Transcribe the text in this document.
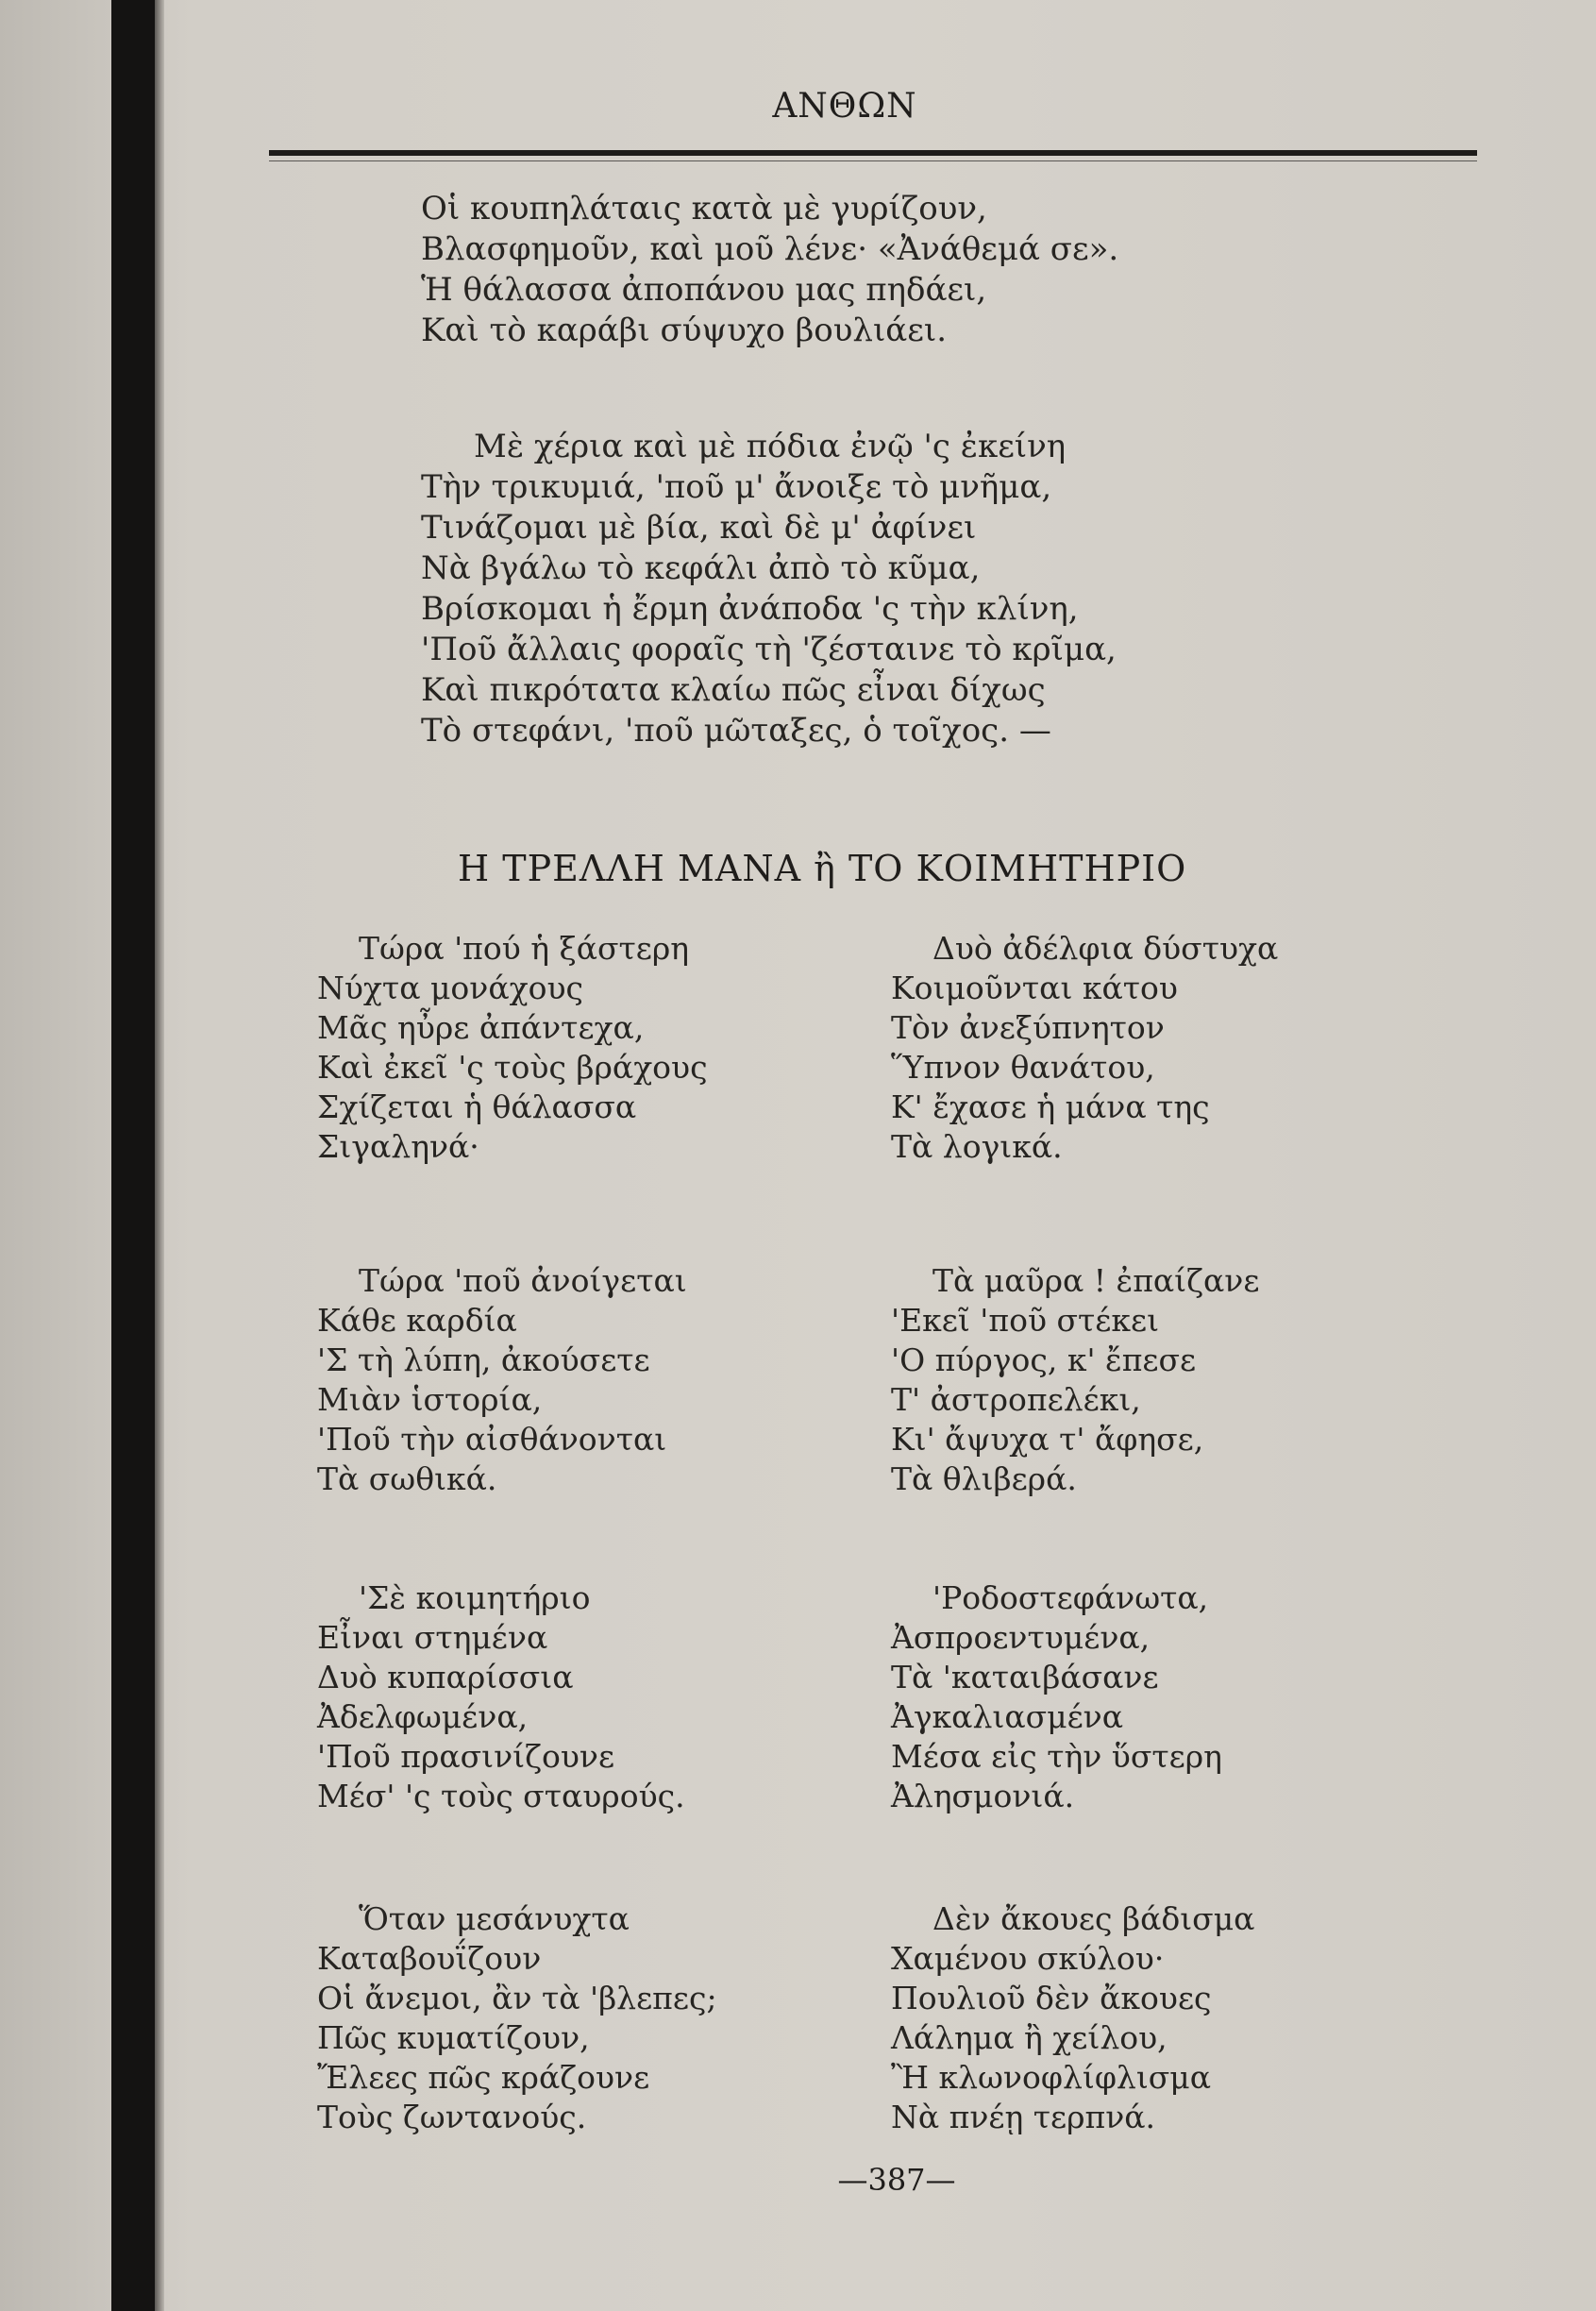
ΑΝΘΩΝ
Οἱ κουπηλάταις κατὰ μὲ γυρίζουν,
Βλασφημοῦν, καὶ μοῦ λένε· «Ἀνάθεμά σε».
Ἡ θάλασσα ἀποπάνου μας πηδάει,
Καὶ τὸ καράβι σύψυχο βουλιάει.
Μὲ χέρια καὶ μὲ πόδια ἐνῷ 'ς ἐκείνη
Τὴν τρικυμιά, 'ποῦ μ' ἄνοιξε τὸ μνῆμα,
Τινάζομαι μὲ βία, καὶ δὲ μ' ἀφίνει
Νὰ βγάλω τὸ κεφάλι ἀπὸ τὸ κῦμα,
Βρίσκομαι ἡ ἔρμη ἀνάποδα 'ς τὴν κλίνη,
'Ποῦ ἄλλαις φοραῖς τὴ 'ζέσταινε τὸ κρῖμα,
Καὶ πικρότατα κλαίω πῶς εἶναι δίχως
Τὸ στεφάνι, 'ποῦ μῶταξες, ὁ τοῖχος. —
Η ΤΡΕΛΛΗ ΜΑΝΑ ἢ ΤΟ ΚΟΙΜΗΤΗΡΙΟ
Τώρα 'πού ἡ ξάστερη
Νύχτα μονάχους
Μᾶς ηὖρε ἀπάντεχα,
Καὶ ἐκεῖ 'ς τοὺς βράχους
Σχίζεται ἡ θάλασσα
Σιγαληνά·
Τώρα 'ποῦ ἀνοίγεται
Κάθε καρδία
'Σ τὴ λύπη, ἀκούσετε
Μιὰν ἱστορία,
'Ποῦ τὴν αἰσθάνονται
Τὰ σωθικά.
'Σὲ κοιμητήριο
Εἶναι στημένα
Δυὸ κυπαρίσσια
Ἀδελφωμένα,
'Ποῦ πρασινίζουνε
Μέσ' 'ς τοὺς σταυρούς.
Ὅταν μεσάνυχτα
Καταβουΐζουν
Οἱ ἄνεμοι, ἂν τὰ 'βλεπες;
Πῶς κυματίζουν,
Ἔλεες πῶς κράζουνε
Τοὺς ζωντανούς.
Δυὸ ἀδέλφια δύστυχα
Κοιμοῦνται κάτου
Τὸν ἀνεξύπνητον
Ὕπνον θανάτου,
Κ' ἔχασε ἡ μάνα της
Τὰ λογικά.
Τὰ μαῦρα ! ἐπαίζανε
'Εκεῖ 'ποῦ στέκει
'Ο πύργος, κ' ἔπεσε
Τ' ἀστροπελέκι,
Κι' ἄψυχα τ' ἄφησε,
Τὰ θλιβερά.
'Ροδοστεφάνωτα,
Ἀσπροεντυμένα,
Τὰ 'καταιβάσανε
Ἀγκαλιασμένα
Μέσα εἰς τὴν ὕστερη
Ἀλησμονιά.
Δὲν ἄκουες βάδισμα
Χαμένου σκύλου·
Πουλιοῦ δὲν ἄκουες
Λάλημα ἢ χείλου,
Ἢ κλωνοφλίφλισμα
Νὰ πνέῃ τερπνά.
—387—
